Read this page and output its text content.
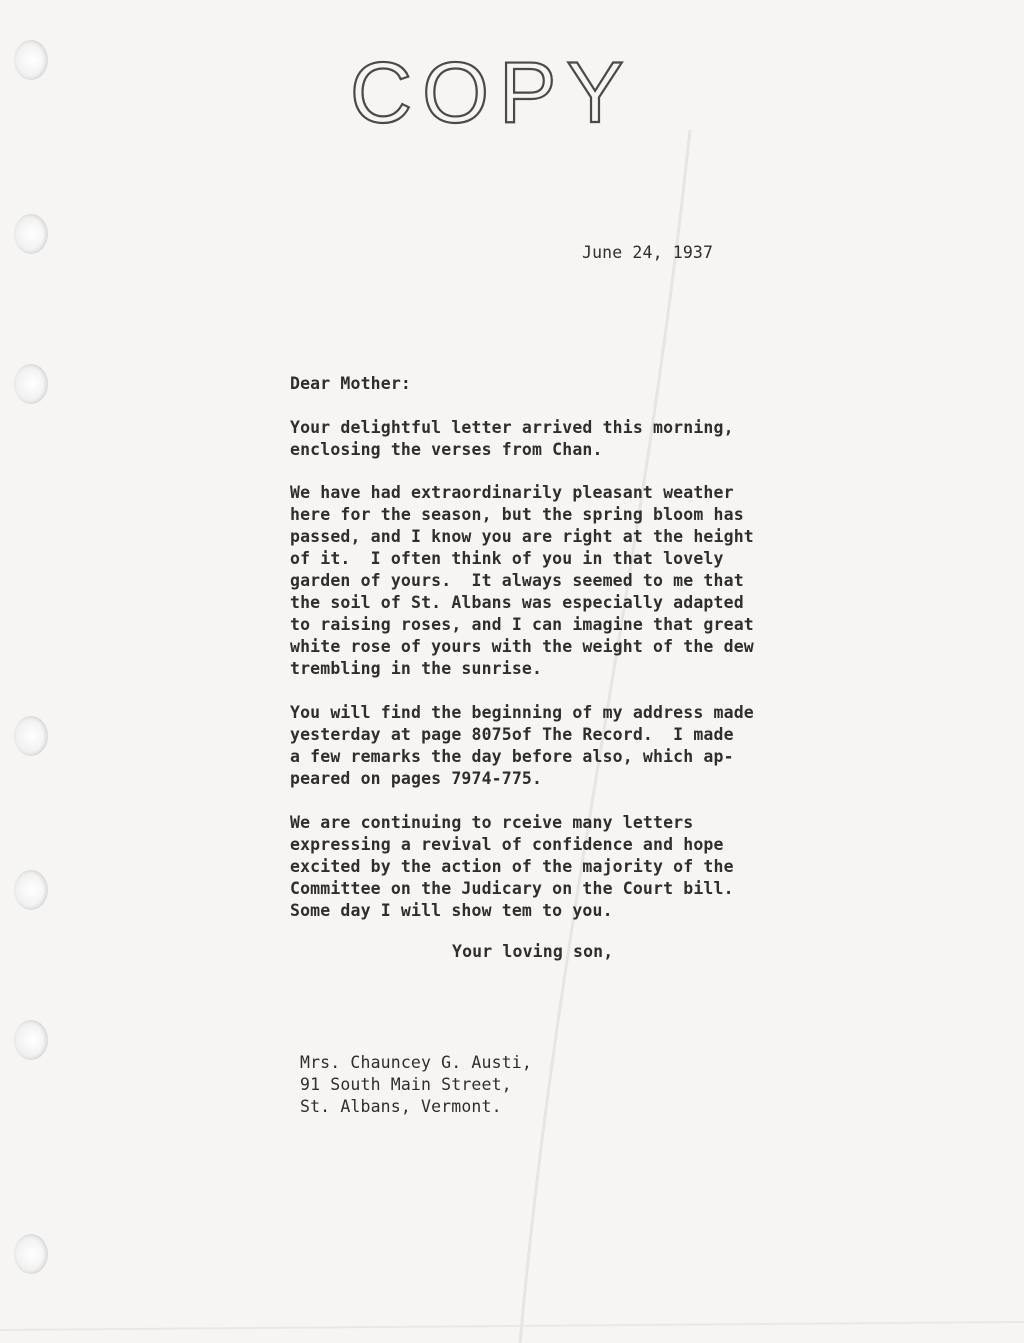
COPY
June 24, 1937
Dear Mother:
Your delightful letter arrived this morning,
enclosing the verses from Chan.
We have had extraordinarily pleasant weather
here for the season, but the spring bloom has
passed, and I know you are right at the height
of it.  I often think of you in that lovely
garden of yours.  It always seemed to me that
the soil of St. Albans was especially adapted
to raising roses, and I can imagine that great
white rose of yours with the weight of the dew
trembling in the sunrise.
You will find the beginning of my address made
yesterday at page 8075of The Record.  I made
a few remarks the day before also, which ap-
peared on pages 7974-775.
We are continuing to rceive many letters
expressing a revival of confidence and hope
excited by the action of the majority of the
Committee on the Judicary on the Court bill.
Some day I will show tem to you.
Your loving son,
Mrs. Chauncey G. Austi,
91 South Main Street,
St. Albans, Vermont.
